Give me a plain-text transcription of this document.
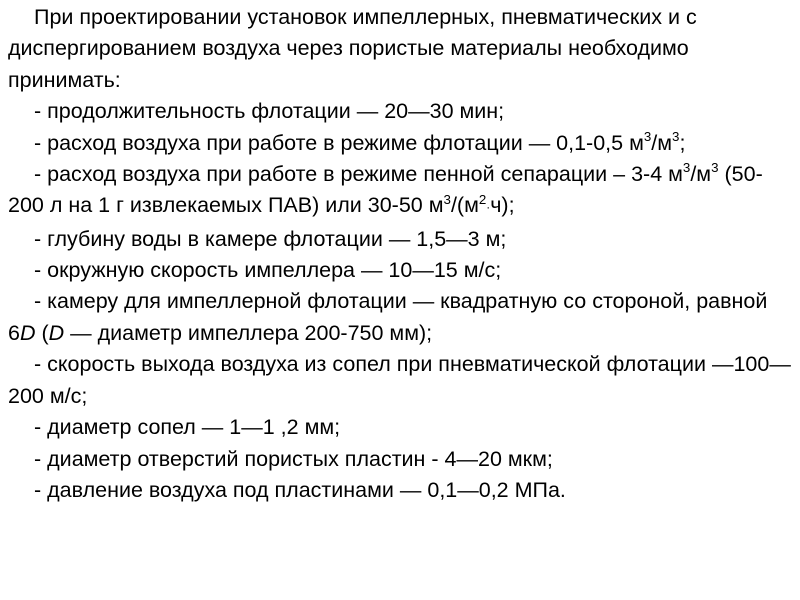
При проектировании установок импеллерных, пневматических и с диспергированием воздуха через пористые материалы необходимо принимать:

- продолжительность флотации — 20—30 мин;

- расход воздуха при работе в режиме флотации — 0,1-0,5 $м^3/м^3$;

- расход воздуха при работе в режиме пенной сепарации – 3-4 $м^3/м^3$ (50-200 л на 1 г извлекаемых ПАВ) или 30-50 $м^3/(м^2\cdot ч)$;

- глубину воды в камере флотации — 1,5—3 м;

- окружную скорость импеллера — 10—15 м/с;

- камеру для импеллерной флотации — квадратную со стороной, равной 6D (D — диаметр импеллера 200-750 мм);

- скорость выхода воздуха из сопел при пневматической флотации —100—200 м/с;

- диаметр сопел — 1—1 ,2 мм;

- диаметр отверстий пористых пластин - 4—20 мкм;

- давление воздуха под пластинами — 0,1—0,2 МПа.
